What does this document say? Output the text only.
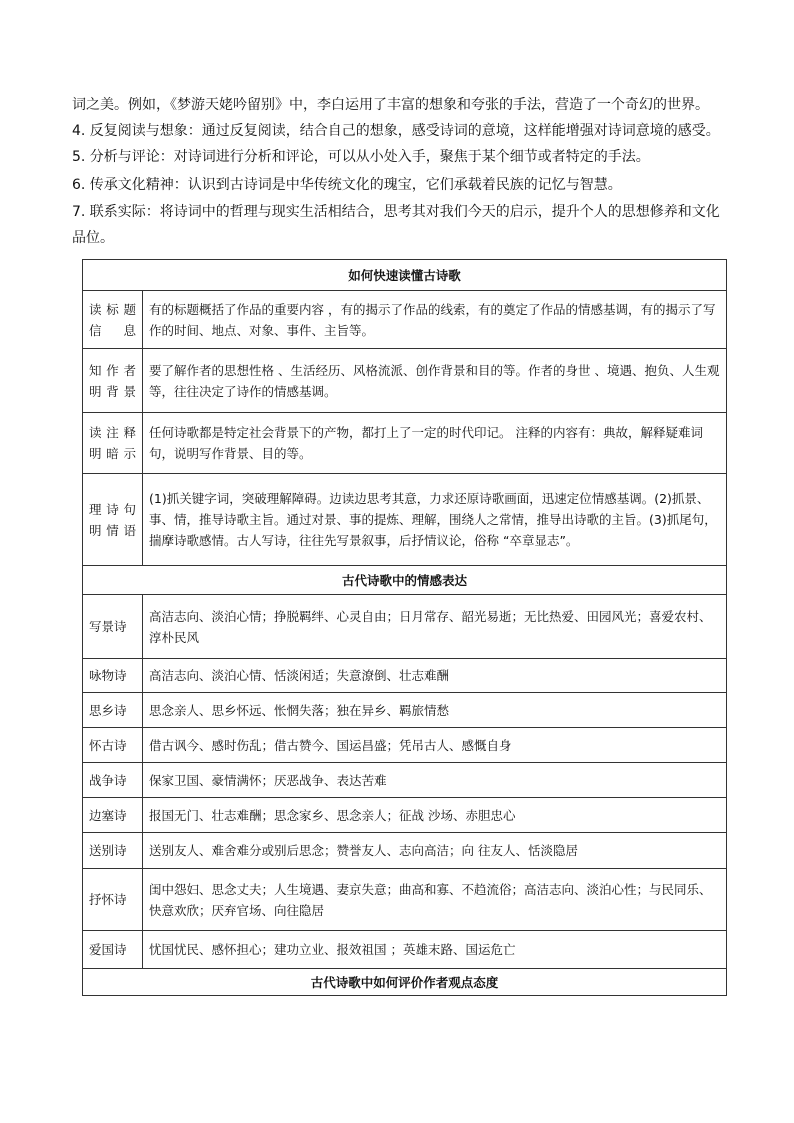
词之美。例如，《梦游天姥吟留别》中，李白运用了丰富的想象和夸张的手法，营造了一个奇幻的世界。

4. 反复阅读与想象：通过反复阅读，结合自己的想象，感受诗词的意境，这样能增强对诗词意境的感受。

5. 分析与评论：对诗词进行分析和评论，可以从小处入手，聚焦于某个细节或者特定的手法。

6. 传承文化精神：认识到古诗词是中华传统文化的瑰宝，它们承载着民族的记忆与智慧。

7. 联系实际：将诗词中的哲理与现实生活相结合，思考其对我们今天的启示，提升个人的思想修养和文化品位。

如何快速读懂古诗歌	
读标题信息	有的标题概括了作品的重要内容 ，有的揭示了作品的线索，有的奠定了作品的情感基调，有的揭示了写作的时间、地点、对象、事件、主旨等。
知作者明背景	要了解作者的思想性格 、生活经历、风格流派、创作背景和目的等。作者的身世 、境遇、抱负、人生观等，往往决定了诗作的情感基调。
读注释明暗示	任何诗歌都是特定社会背景下的产物，都打上了一定的时代印记。 注释的内容有：典故，解释疑难词句，说明写作背景、目的等。
理诗句明情语	(1)抓关键字词，突破理解障碍。边读边思考其意，力求还原诗歌画面，迅速定位情感基调。(2)抓景、事、情，推导诗歌主旨。通过对景、事的提炼、理解，围绕人之常情，推导出诗歌的主旨。(3)抓尾句，揣摩诗歌感情。古人写诗，往往先写景叙事，后抒情议论，俗称 “卒章显志”。
古代诗歌中的情感表达	
写景诗	高洁志向、淡泊心情；挣脱羁绊、心灵自由；日月常存、韶光易逝；无比热爱、田园风光；喜爱农村、淳朴民风
咏物诗	高洁志向、淡泊心情、恬淡闲适；失意潦倒、壮志难酬
思乡诗	思念亲人、思乡怀远、怅惘失落；独在异乡、羁旅情愁
怀古诗	借古讽今、感时伤乱；借古赞今、国运昌盛；凭吊古人、感慨自身
战争诗	保家卫国、豪情满怀；厌恶战争、表达苦难
边塞诗	报国无门、壮志难酬；思念家乡、思念亲人；征战 沙场、赤胆忠心
送别诗	送别友人、难舍难分或别后思念；赞誉友人、志向高洁；向 往友人、恬淡隐居
抒怀诗	闺中怨妇、思念丈夫；人生境遇、妻京失意；曲高和寡、不趋流俗；高洁志向、淡泊心性；与民同乐、快意欢欣；厌弃官场、向往隐居
爱国诗	忧国忧民、感怀担心；建功立业、报效祖国 ；英雄末路、国运危亡
古代诗歌中如何评价作者观点态度	
